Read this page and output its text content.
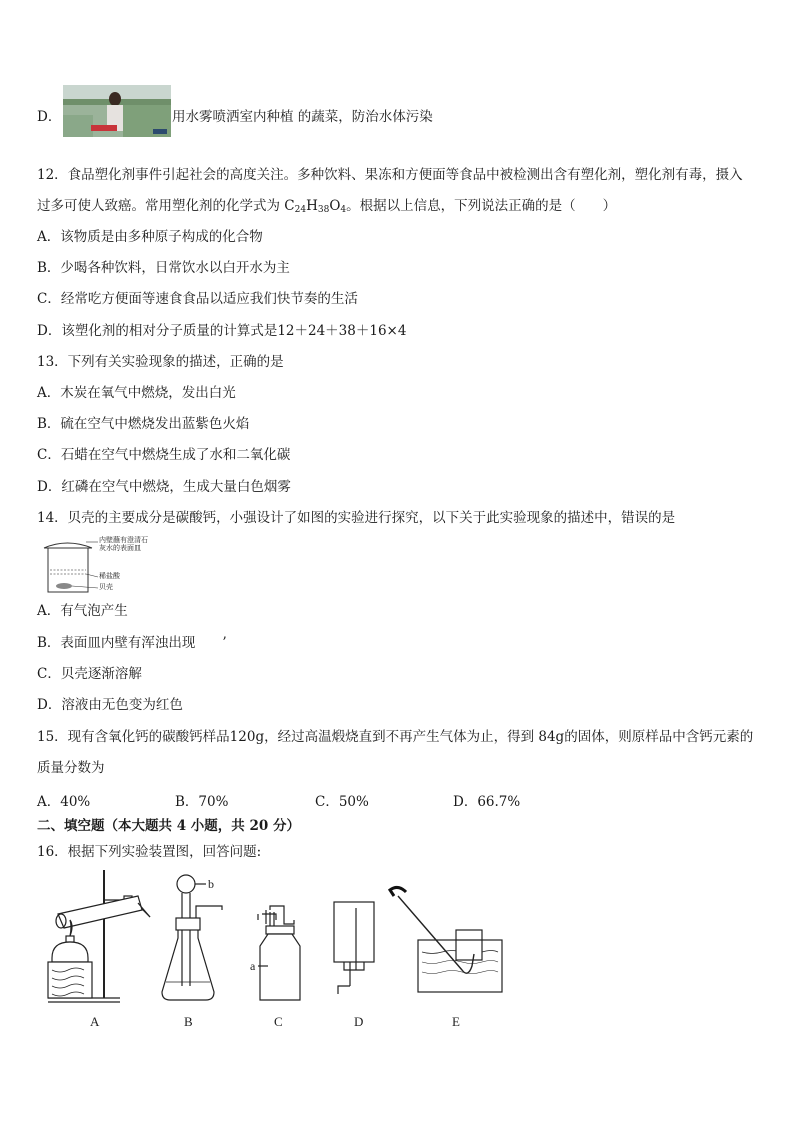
D．	用水雾喷洒室内种植 的蔬菜，防治水体污染
12．食品塑化剂事件引起社会的高度关注。多种饮料、果冻和方便面等食品中被检测出含有塑化剂，塑化剂有毒，摄入过多可使人致癌。常用塑化剂的化学式为 $C_{24}H_{38}O_4$。根据以上信息，下列说法正确的是（　　）
A．该物质是由多种原子构成的化合物
B．少喝各种饮料，日常饮水以白开水为主
C．经常吃方便面等速食食品以适应我们快节奏的生活
D．该塑化剂的相对分子质量的计算式是12＋24＋38＋16×4
13．下列有关实验现象的描述，正确的是
A．木炭在氧气中燃烧，发出白光
B．硫在空气中燃烧发出蓝紫色火焰
C．石蜡在空气中燃烧生成了水和二氧化碳
D．红磷在空气中燃烧，生成大量白色烟雾
14．贝壳的主要成分是碳酸钙，小强设计了如图的实验进行探究，以下关于此实验现象的描述中，错误的是
内壁蘸有澄清石灰水的表面皿
稀盐酸
贝壳
A．有气泡产生
B．表面皿内壁有浑浊出现　　’
C．贝壳逐渐溶解
D．溶液由无色变为红色
15．现有含氧化钙的碳酸钙样品120g，经过高温煅烧直到不再产生气体为止，得到 84g的固体，则原样品中含钙元素的质量分数为
A．40%	B．70%	C．50%	D．66.7%
二、填空题（本大题共 4 小题，共 20 分）
16．根据下列实验装置图，回答问题:
b
a
A	B	C	D	E
